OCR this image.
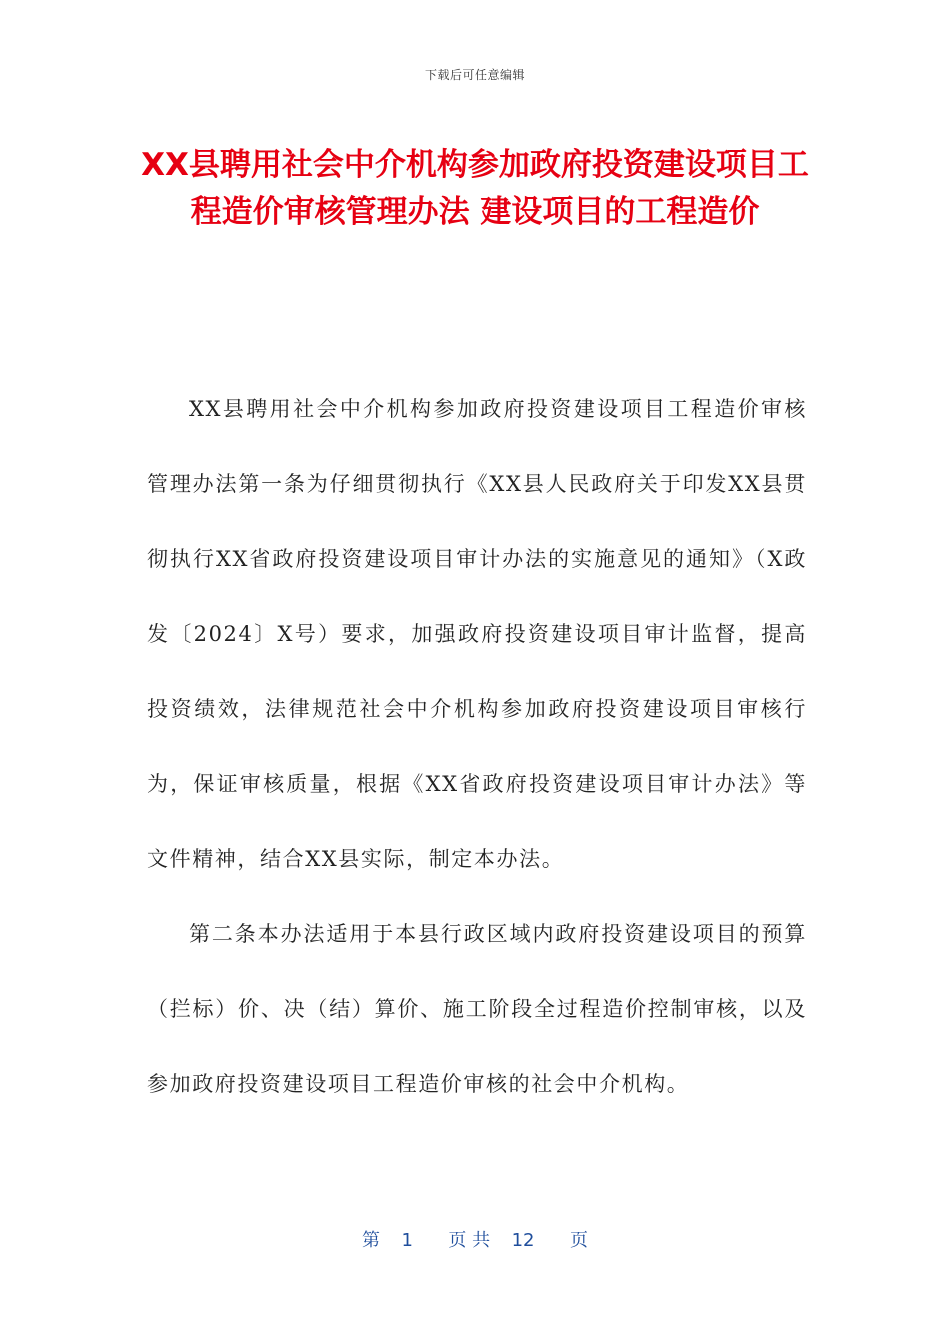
下载后可任意编辑
XX县聘用社会中介机构参加政府投资建设项目工程造价审核管理办法 建设项目的工程造价

XX县聘用社会中介机构参加政府投资建设项目工程造价审核管理办法第一条为仔细贯彻执行《XX县人民政府关于印发XX县贯彻执行XX省政府投资建设项目审计办法的实施意见的通知》（X政发〔2024〕X号）要求，加强政府投资建设项目审计监督，提高投资绩效，法律规范社会中介机构参加政府投资建设项目审核行为，保证审核质量，根据《XX省政府投资建设项目审计办法》等文件精神，结合XX县实际，制定本办法。

第二条本办法适用于本县行政区域内政府投资建设项目的预算（拦标）价、决（结）算价、施工阶段全过程造价控制审核，以及参加政府投资建设项目工程造价审核的社会中介机构。

第 1 页 共 12 页
